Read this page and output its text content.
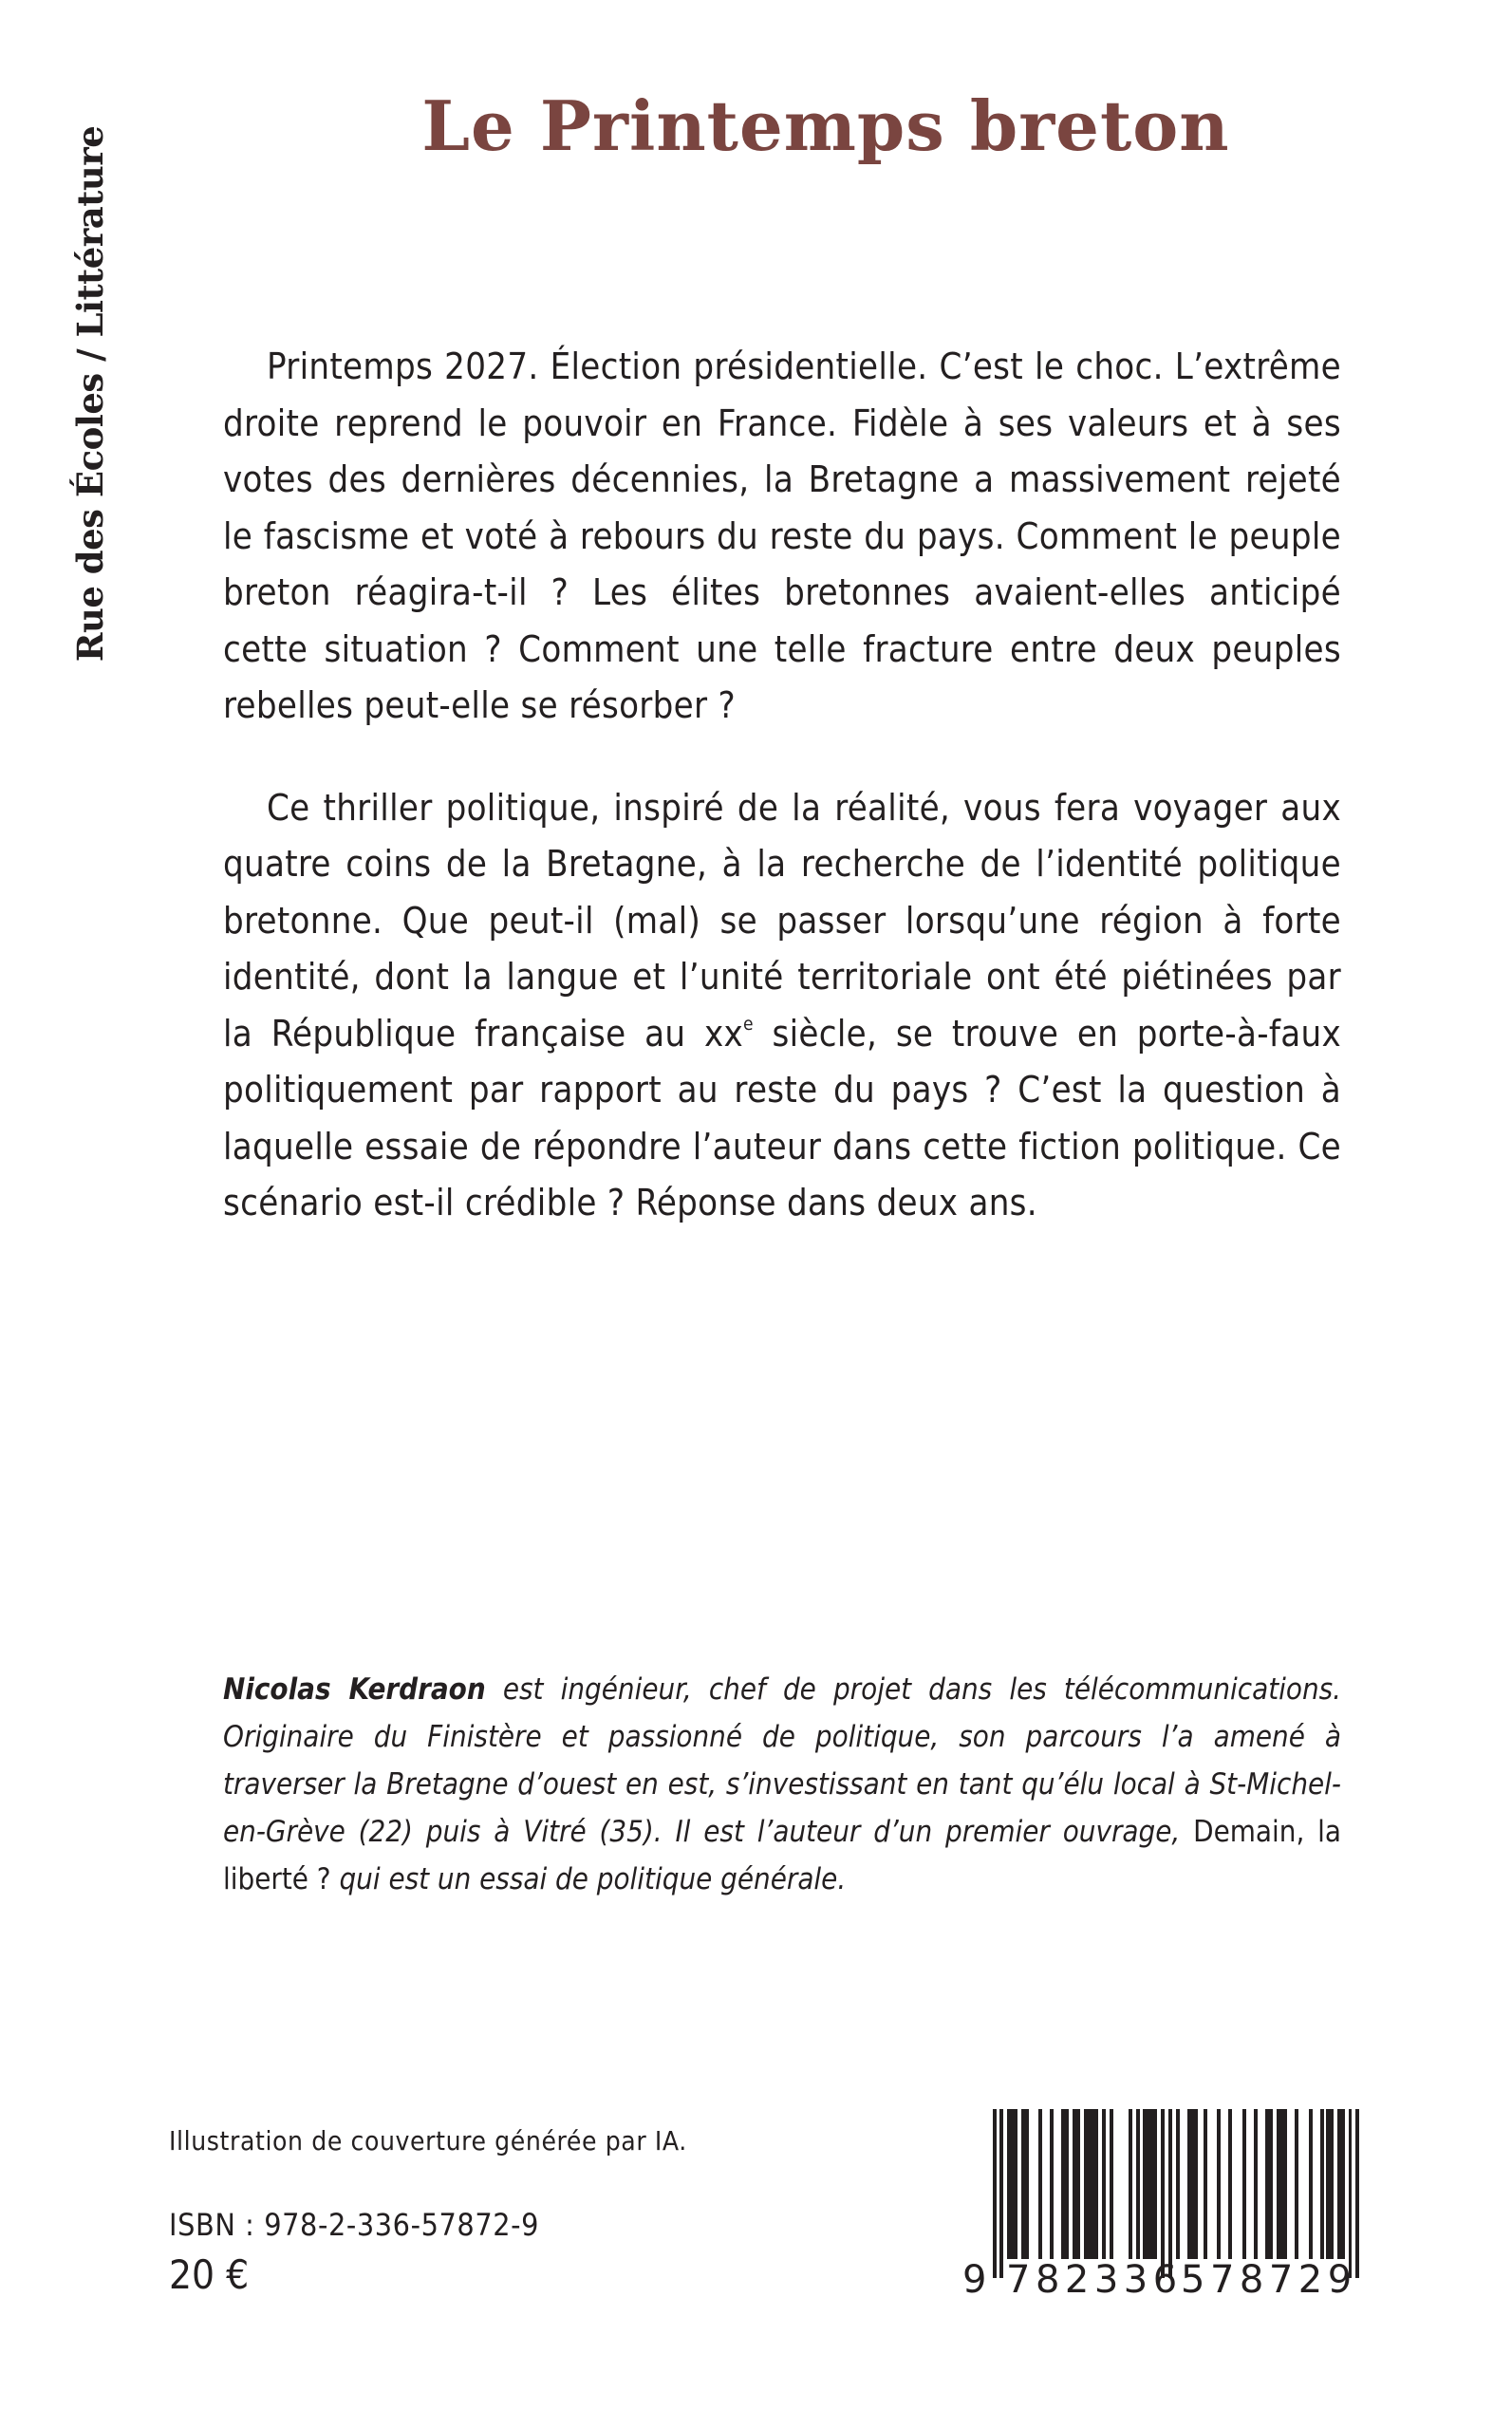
Rue des Écoles / Littérature
Le Printemps breton

Printemps 2027. Élection présidentielle. C’est le choc. L’extrême droite reprend le pouvoir en France. Fidèle à ses valeurs et à ses votes des dernières décennies, la Bretagne a massivement rejeté le fascisme et voté à rebours du reste du pays. Comment le peuple breton réagira-t-il ? Les élites bretonnes avaient-elles anticipé cette situation ? Comment une telle fracture entre deux peuples rebelles peut-elle se résorber ?

Ce thriller politique, inspiré de la réalité, vous fera voyager aux quatre coins de la Bretagne, à la recherche de l’identité politique bretonne. Que peut-il (mal) se passer lorsqu’une région à forte identité, dont la langue et l’unité territoriale ont été piétinées par la République française au $xx^e$ siècle, se trouve en porte-à-faux politiquement par rapport au reste du pays ? C’est la question à laquelle essaie de répondre l’auteur dans cette fiction politique. Ce scénario est-il crédible ? Réponse dans deux ans.

Nicolas Kerdraon est ingénieur, chef de projet dans les télécommunications. Originaire du Finistère et passionné de politique, son parcours l’a amené à traverser la Bretagne d’ouest en est, s’investissant en tant qu’élu local à St-Michel-en-Grève (22) puis à Vitré (35). Il est l’auteur d’un premier ouvrage, Demain, la liberté ? qui est un essai de politique générale.

Illustration de couverture générée par IA.
ISBN : 978-2-336-57872-9
20 €	9 782336
578729
